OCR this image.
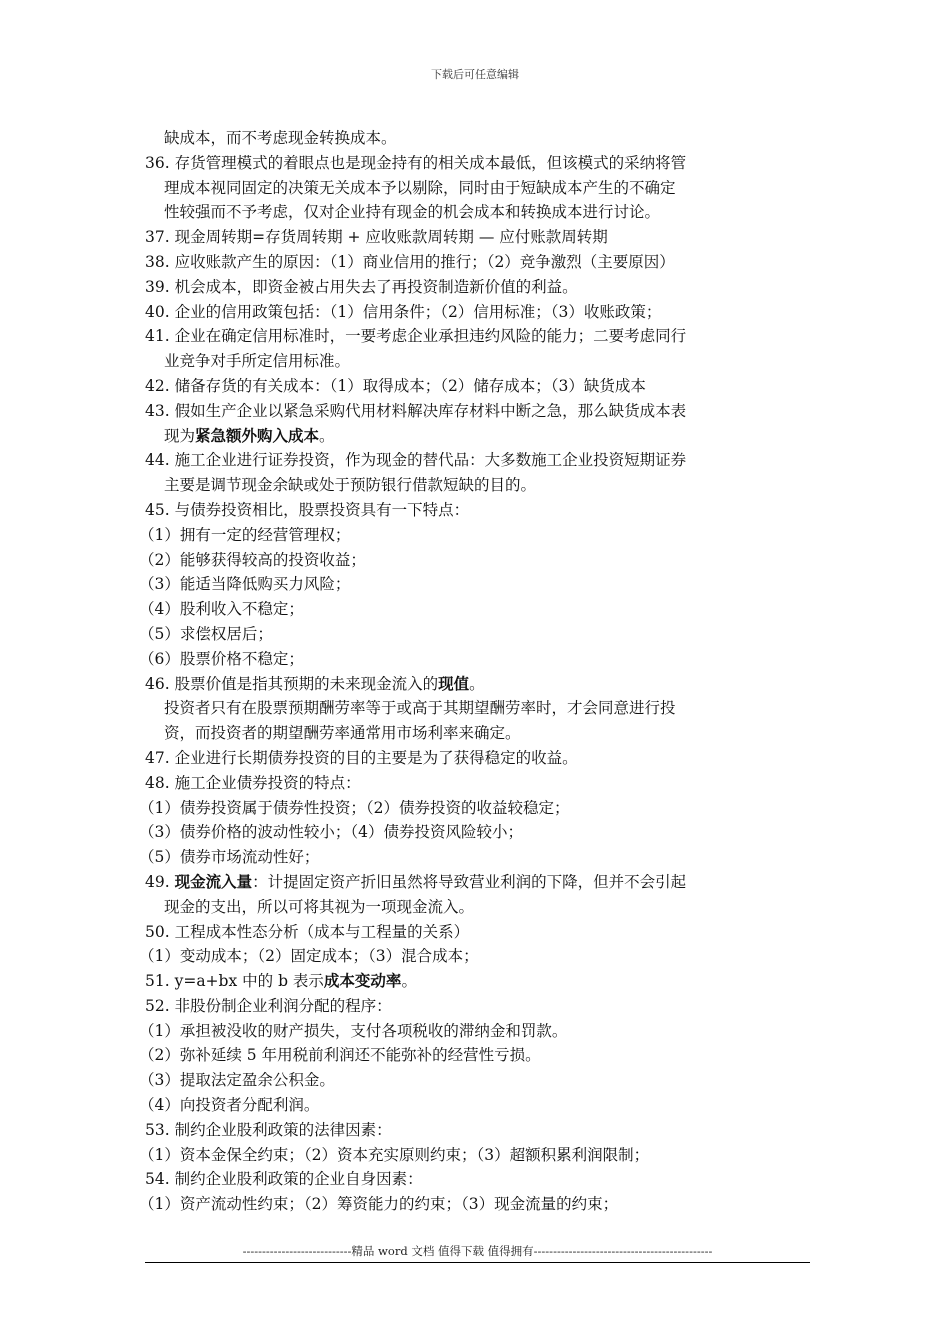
下载后可任意编辑
缺成本，而不考虑现金转换成本。
36. 存货管理模式的着眼点也是现金持有的相关成本最低，但该模式的采纳将管
理成本视同固定的决策无关成本予以剔除，同时由于短缺成本产生的不确定
性较强而不予考虑，仅对企业持有现金的机会成本和转换成本进行讨论。
37. 现金周转期=存货周转期 + 应收账款周转期 — 应付账款周转期
38. 应收账款产生的原因：（1）商业信用的推行；（2）竞争激烈（主要原因）
39. 机会成本，即资金被占用失去了再投资制造新价值的利益。
40. 企业的信用政策包括：（1）信用条件；（2）信用标准；（3）收账政策；
41. 企业在确定信用标准时，一要考虑企业承担违约风险的能力；二要考虑同行
业竞争对手所定信用标准。
42. 储备存货的有关成本：（1）取得成本；（2）储存成本；（3）缺货成本
43. 假如生产企业以紧急采购代用材料解决库存材料中断之急，那么缺货成本表
现为紧急额外购入成本。
44. 施工企业进行证券投资，作为现金的替代品：大多数施工企业投资短期证券
主要是调节现金余缺或处于预防银行借款短缺的目的。
45. 与债券投资相比，股票投资具有一下特点：
（1）拥有一定的经营管理权；
（2）能够获得较高的投资收益；
（3）能适当降低购买力风险；
（4）股利收入不稳定；
（5）求偿权居后；
（6）股票价格不稳定；
46. 股票价值是指其预期的未来现金流入的现值。
投资者只有在股票预期酬劳率等于或高于其期望酬劳率时，才会同意进行投
资，而投资者的期望酬劳率通常用市场利率来确定。
47. 企业进行长期债券投资的目的主要是为了获得稳定的收益。
48. 施工企业债券投资的特点：
（1）债券投资属于债券性投资；（2）债券投资的收益较稳定；
（3）债券价格的波动性较小；（4）债券投资风险较小；
（5）债券市场流动性好；
49. 现金流入量：计提固定资产折旧虽然将导致营业利润的下降，但并不会引起
现金的支出，所以可将其视为一项现金流入。
50. 工程成本性态分析（成本与工程量的关系）
（1）变动成本；（2）固定成本；（3）混合成本；
51. y=a+bx 中的 b 表示成本变动率。
52. 非股份制企业利润分配的程序：
（1）承担被没收的财产损失，支付各项税收的滞纳金和罚款。
（2）弥补延续 5 年用税前利润还不能弥补的经营性亏损。
（3）提取法定盈余公积金。
（4）向投资者分配利润。
53. 制约企业股利政策的法律因素：
（1）资本金保全约束；（2）资本充实原则约束；（3）超额积累利润限制；
54. 制约企业股利政策的企业自身因素：
（1）资产流动性约束；（2）筹资能力的约束；（3）现金流量的约束；
----------------------------精品 word 文档 值得下载 值得拥有----------------------------------------------
